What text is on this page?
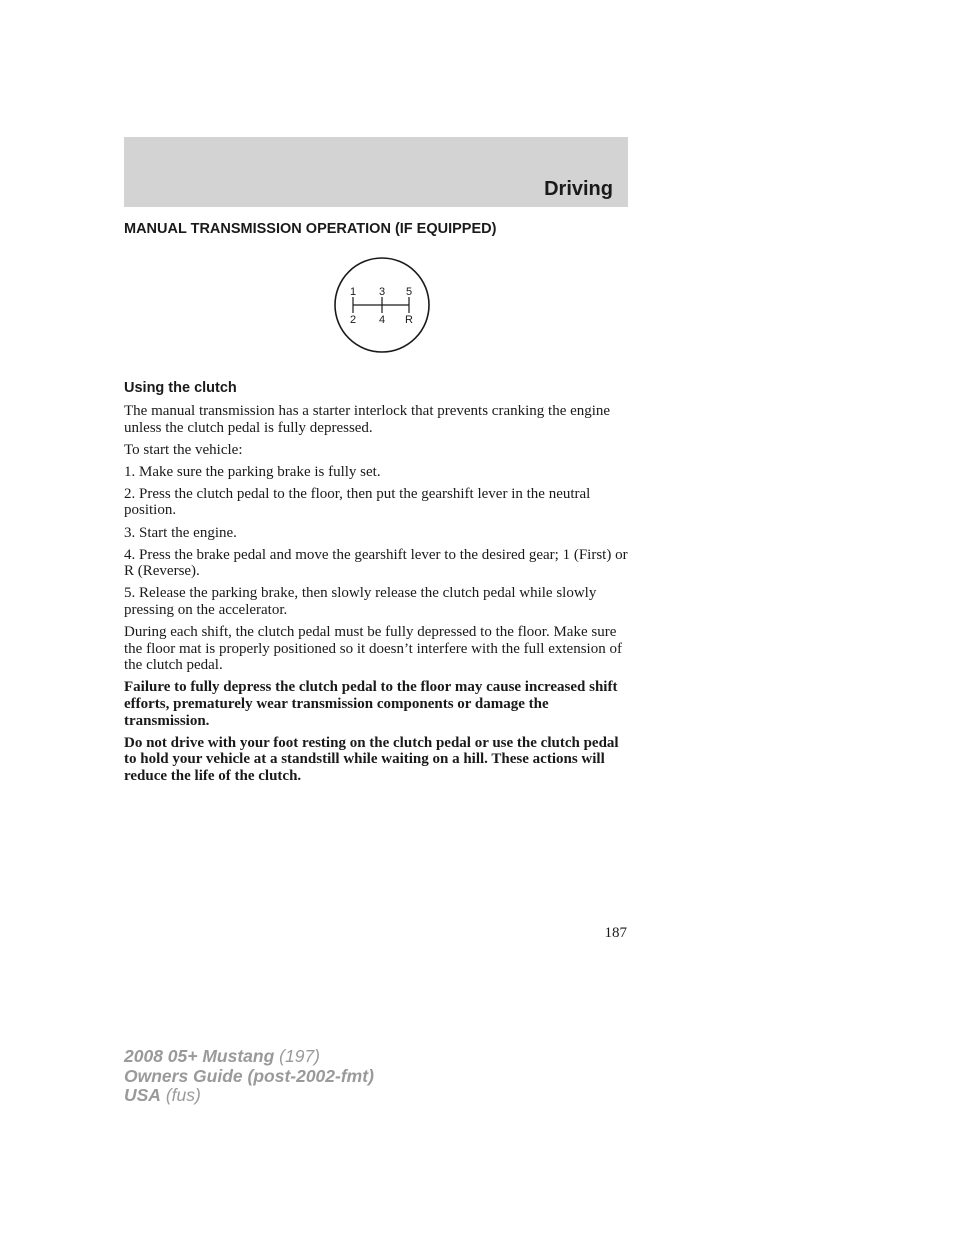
Driving
MANUAL TRANSMISSION OPERATION (IF EQUIPPED)
1 3 5
2 4 R
Using the clutch

The manual transmission has a starter interlock that prevents cranking the engine unless the clutch pedal is fully depressed.

To start the vehicle:

1. Make sure the parking brake is fully set.

2. Press the clutch pedal to the floor, then put the gearshift lever in the neutral position.

3. Start the engine.

4. Press the brake pedal and move the gearshift lever to the desired gear; 1 (First) or R (Reverse).

5. Release the parking brake, then slowly release the clutch pedal while slowly pressing on the accelerator.

During each shift, the clutch pedal must be fully depressed to the floor. Make sure the floor mat is properly positioned so it doesn’t interfere with the full extension of the clutch pedal.

Failure to fully depress the clutch pedal to the floor may cause increased shift efforts, prematurely wear transmission components or damage the transmission.

Do not drive with your foot resting on the clutch pedal or use the clutch pedal to hold your vehicle at a standstill while waiting on a hill. These actions will reduce the life of the clutch.

187
2008 05+ Mustang (197)
Owners Guide (post-2002-fmt)
USA (fus)
